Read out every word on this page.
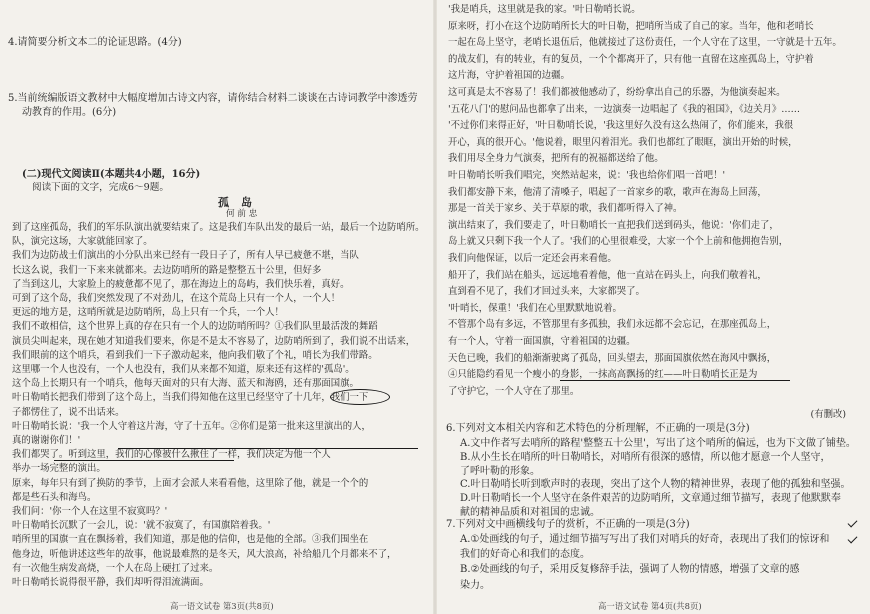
4.请简要分析文本二的论证思路。(4分)
5.当前统编版语文教材中大幅度增加古诗文内容，请你结合材料二谈谈在古诗词教学中渗透劳
动教育的作用。(6分)
(二)现代文阅读Ⅱ(本题共4小题，16分)
阅读下面的文字，完成6～9题。
孤岛
何 前 忠
到了这座孤岛，我们的军乐队演出就要结束了。这是我们车队出发的最后一站，最后一个边防哨所。
队，演完这场，大家就能回家了。
我们为边防战士们演出的小分队出来已经有一段日子了，所有人早已疲惫不堪，当队
长这么说，我们一下来来就都来。去边防哨所的路是整整五十公里，但好多
了当到这儿，大家脸上的疲惫都不见了，那在海边上的岛屿，我们快乐着，真好。
可到了这个岛，我们突然发现了不对劲儿，在这个荒岛上只有一个人，一个人！
更远的地方是，这哨所就是边防哨所，岛上只有一个兵，一个人！
我们不敢相信，这个世界上真的存在只有一个人的边防哨所吗？①我们队里最活泼的舞蹈
演员尖叫起来，现在她才知道我们要来，你是不是太不容易了，边防哨所到了，我们说不出话来，
我们眼前的这个哨兵，看到我们一下子激动起来，他向我们敬了个礼，哨长为我们带路。
这里哪一个人也没有，一个人也没有，我们从来都不知道，原来还有这样的'孤岛'。
这个岛上长期只有一个哨兵，他每天面对的只有大海、蓝天和海鸥，还有那面国旗。
叶日勒哨长把我们带到了这个岛上，当我们得知他在这里已经坚守了十几年，我们一下
子都愣住了，说不出话来。
叶日勒哨长说：'我一个人守着这片海，守了十五年。②你们是第一批来这里演出的人，
真的谢谢你们！'
我们都哭了。听到这里，我们的心像被什么揪住了一样，我们决定为他一个人
举办一场完整的演出。
原来，每年只有到了换防的季节，上面才会派人来看看他，这里除了他，就是一个个的
都是些石头和海鸟。
我们问：'你一个人在这里不寂寞吗？'
叶日勒哨长沉默了一会儿，说：'就不寂寞了，有国旗陪着我。'
哨所里的国旗一直在飘扬着，我们知道，那是他的信仰，也是他的全部。③我们围坐在
他身边，听他讲述这些年的故事，他说最难熬的是冬天，风大浪高，补给船几个月都来不了，
有一次他生病发高烧，一个人在岛上硬扛了过来。
叶日勒哨长说得很平静，我们却听得泪流满面。
高一语文试卷 第3页(共8页)
'我是哨兵，这里就是我的家。'叶日勒哨长说。
原来呀，打小在这个边防哨所长大的叶日勒，把哨所当成了自己的家。当年，他和老哨长
一起在岛上坚守，老哨长退伍后，他就接过了这份责任，一个人守在了这里，一守就是十五年。
的战友们，有的转业，有的复员，一个个都离开了，只有他一直留在这座孤岛上，守护着
这片海，守护着祖国的边疆。
这可真是太不容易了！我们都被他感动了，纷纷拿出自己的乐器，为他演奏起来。
'五花八门'的慰问品也都拿了出来，一边演奏一边唱起了《我的祖国》，《边关月》……
'不过你们来得正好，'叶日勒哨长说，'我这里好久没有这么热闹了，你们能来，我很
开心，真的很开心。'他说着，眼里闪着泪光。我们也都红了眼眶，演出开始的时候，
我们用尽全身力气演奏，把所有的祝福都送给了他。
叶日勒哨长听我们唱完，突然站起来，说：'我也给你们唱一首吧！'
我们都安静下来，他清了清嗓子，唱起了一首家乡的歌，歌声在海岛上回荡，
那是一首关于家乡、关于草原的歌，我们都听得入了神。
演出结束了，我们要走了，叶日勒哨长一直把我们送到码头，他说：'你们走了，
岛上就又只剩下我一个人了。'我们的心里很难受，大家一个个上前和他拥抱告别，
我们向他保证，以后一定还会再来看他。
船开了，我们站在船头，远远地看着他，他一直站在码头上，向我们敬着礼，
直到看不见了，我们才回过头来，大家都哭了。
'叶哨长，保重！'我们在心里默默地说着。
不管那个岛有多远，不管那里有多孤独，我们永远都不会忘记，在那座孤岛上，
有一个人，守着一面国旗，守着祖国的边疆。
天色已晚，我们的船渐渐驶离了孤岛，回头望去，那面国旗依然在海风中飘扬，
④只能隐约看见一个瘦小的身影，一抹高高飘扬的红——叶日勒哨长正是为
了守护它，一个人守在了那里。
(有删改)
6.下列对文本相关内容和艺术特色的分析理解，不正确的一项是(3分)
A.文中作者写去哨所的路程'整整五十公里'，写出了这个哨所的偏远，也为下文做了铺垫。
B.从小生长在哨所的叶日勒哨长，对哨所有很深的感情，所以他才愿意一个人坚守，
了呼叶勒的形象。
C.叶日勒哨长听到歌声时的表现，突出了这个人物的精神世界，表现了他的孤独和坚强。
D.叶日勒哨长一个人坚守在条件艰苦的边防哨所，文章通过细节描写，表现了他默默奉
献的精神品质和对祖国的忠诚。
7.下列对文中画横线句子的赏析，不正确的一项是(3分)
A.①处画线的句子，通过细节描写写出了我们对哨兵的好奇，表现出了我们的惊讶和
我们的好奇心和我们的态度。
B.②处画线的句子，采用反复修辞手法，强调了人物的情感，增强了文章的感
染力。
高一语文试卷 第4页(共8页)
